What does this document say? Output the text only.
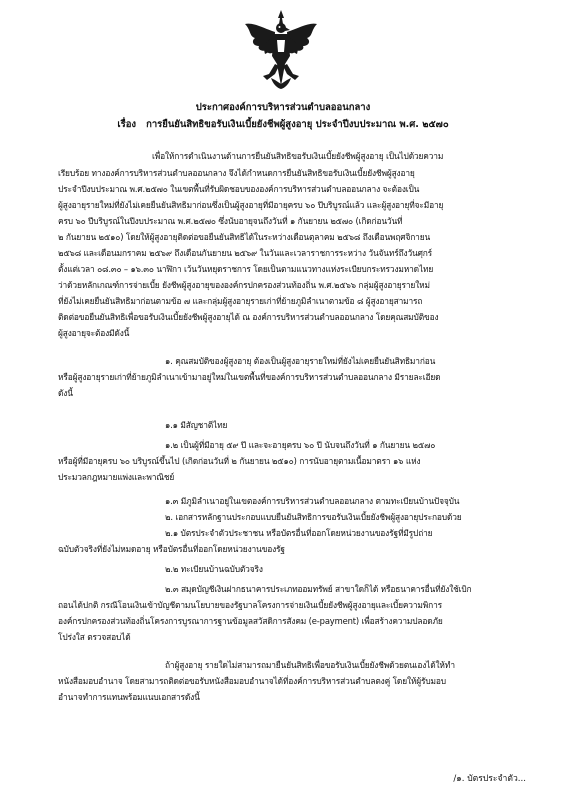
ประกาศองค์การบริหารส่วนตำบลออนกลาง
เรื่อง การยืนยันสิทธิขอรับเงินเบี้ยยังชีพผู้สูงอายุ ประจำปีงบประมาณ พ.ศ. ๒๕๗๐
เพื่อให้การดำเนินงานด้านการยืนยันสิทธิขอรับเงินเบี้ยยังชีพผู้สูงอายุ เป็นไปด้วยความ
เรียบร้อย ทางองค์การบริหารส่วนตำบลออนกลาง จึงได้กำหนดการยืนยันสิทธิขอรับเงินเบี้ยยังชีพผู้สูงอายุ
ประจำปีงบประมาณ พ.ศ.๒๕๗๐ ในเขตพื้นที่รับผิดชอบขององค์การบริหารส่วนตำบลออนกลาง จะต้องเป็น
ผู้สูงอายุรายใหม่ที่ยังไม่เคยยืนยันสิทธิมาก่อนซึ่งเป็นผู้สูงอายุที่มีอายุครบ ๖๐ ปีบริบูรณ์แล้ว และผู้สูงอายุที่จะมีอายุ
ครบ ๖๐ ปีบริบูรณ์ในปีงบประมาณ พ.ศ.๒๕๗๐ ซึ่งนับอายุจนถึงวันที่ ๑ กันยายน ๒๕๗๐ (เกิดก่อนวันที่
๒ กันยายน ๒๕๑๐) โดยให้ผู้สูงอายุติดต่อขอยืนยันสิทธิได้ในระหว่างเดือนตุลาคม ๒๕๖๘ ถึงเดือนพฤศจิกายน
๒๕๖๘ และเดือนมกราคม ๒๕๖๙ ถึงเดือนกันยายน ๒๕๖๙ ในวันและเวลาราชการระหว่าง วันจันทร์ถึงวันศุกร์
ตั้งแต่เวลา ๐๘.๓๐ – ๑๖.๓๐ นาฬิกา เว้นวันหยุดราชการ โดยเป็นตามแนวทางแห่งระเบียบกระทรวงมหาดไทย
ว่าด้วยหลักเกณฑ์การจ่ายเบี้ย ยังชีพผู้สูงอายุขององค์กรปกครองส่วนท้องถิ่น พ.ศ.๒๕๖๖ กลุ่มผู้สูงอายุรายใหม่
ที่ยังไม่เคยยืนยันสิทธิมาก่อนตามข้อ ๗ และกลุ่มผู้สูงอายุรายเก่าที่ย้ายภูมิลำเนาตามข้อ ๘ ผู้สูงอายุสามารถ
ติดต่อขอยืนยันสิทธิเพื่อขอรับเงินเบี้ยยังชีพผู้สูงอายุได้ ณ องค์การบริหารส่วนตำบลออนกลาง โดยคุณสมบัติของ
ผู้สูงอายุจะต้องมีดังนี้
๑. คุณสมบัติของผู้สูงอายุ ต้องเป็นผู้สูงอายุรายใหม่ที่ยังไม่เคยยืนยันสิทธิมาก่อน
หรือผู้สูงอายุรายเก่าที่ย้ายภูมิลำเนาเข้ามาอยู่ใหม่ในเขตพื้นที่ของค์การบริหารส่วนตำบลออนกลาง มีรายละเอียด
ดังนี้
๑.๑ มีสัญชาติไทย
๑.๒ เป็นผู้ที่มีอายุ ๕๙ ปี และจะอายุครบ ๖๐ ปี นับจนถึงวันที่ ๑ กันยายน ๒๕๗๐
หรือผู้ที่มีอายุครบ ๖๐ บริบูรณ์ขึ้นไป (เกิดก่อนวันที่ ๒ กันยายน ๒๕๑๐) การนับอายุตามเนื้อมาตรา ๑๖ แห่ง
ประมวลกฎหมายแพ่งและพาณิชย์
๑.๓ มีภูมิลำเนาอยู่ในเขตองค์การบริหารส่วนตำบลออนกลาง ตามทะเบียนบ้านปัจจุบัน
๒. เอกสารหลักฐานประกอบแบบยืนยันสิทธิการขอรับเงินเบี้ยยังชีพผู้สูงอายุประกอบด้วย
๒.๑ บัตรประจำตัวประชาชน หรือบัตรอื่นที่ออกโดยหน่วยงานของรัฐที่มีรูปถ่าย
ฉบับตัวจริงที่ยังไม่หมดอายุ หรือบัตรอื่นที่ออกโดยหน่วยงานของรัฐ
๒.๒ ทะเบียนบ้านฉบับตัวจริง
๒.๓ สมุดบัญชีเงินฝากธนาคารประเภทออมทรัพย์ สาขาใดก็ได้ หรือธนาคารอื่นที่ยังใช้เบิก
ถอนได้ปกติ กรณีโอนเงินเข้าบัญชีตามนโยบายของรัฐบาลโครงการจ่ายเงินเบี้ยยังชีพผู้สูงอายุและเบี้ยความพิการ
องค์กรปกครองส่วนท้องถิ่นโครงการบูรณาการฐานข้อมูลสวัสดิการสังคม (e-payment) เพื่อสร้างความปลอดภัย
โปร่งใส ตรวจสอบได้
ถ้าผู้สูงอายุ รายใดไม่สามารถมายืนยันสิทธิเพื่อขอรับเงินเบี้ยยังชีพด้วยตนเองได้ให้ทำ
หนังสือมอบอำนาจ โดยสามารถติดต่อขอรับหนังสือมอบอำนาจได้ที่องค์การบริหารส่วนตำบลตงคู่ โดยให้ผู้รับมอบ
อำนาจทำการแทนพร้อมแนบเอกสารดังนี้
/๑. บัตรประจำตัว...
